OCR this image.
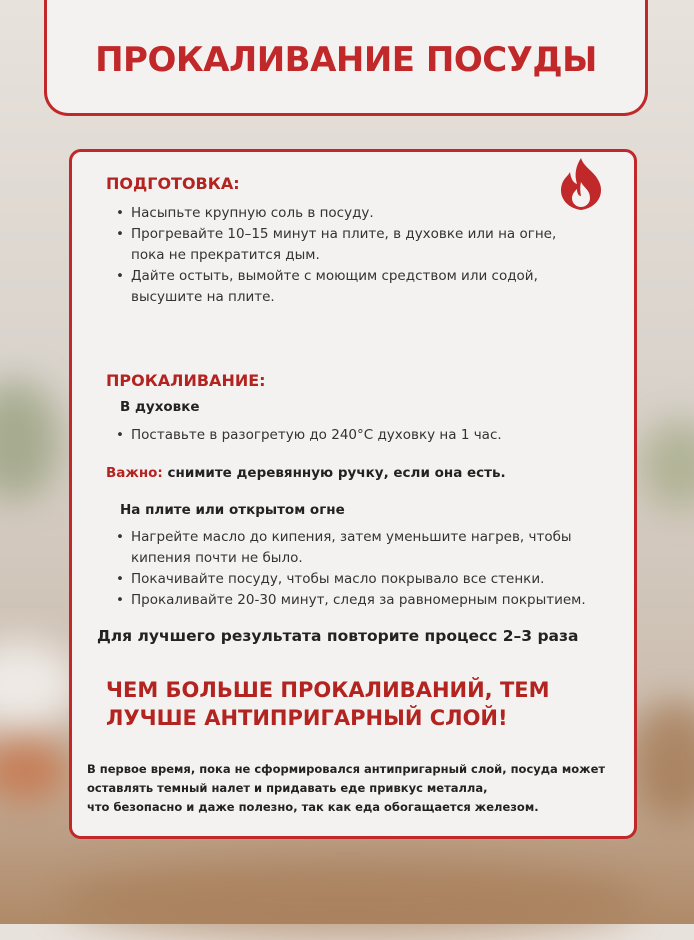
ПРОКАЛИВАНИЕ ПОСУДЫ
ПОДГОТОВКА:
• Насыпьте крупную соль в посуду.
• Прогревайте 10–15 минут на плите, в духовке или на огне,
пока не прекратится дым.
• Дайте остыть, вымойте с моющим средством или содой,
высушите на плите.
ПРОКАЛИВАНИЕ:
В духовке
• Поставьте в разогретую до 240°C духовку на 1 час.
Важно: снимите деревянную ручку, если она есть.
На плите или открытом огне
• Нагрейте масло до кипения, затем уменьшите нагрев, чтобы
кипения почти не было.
• Покачивайте посуду, чтобы масло покрывало все стенки.
• Прокаливайте 20-30 минут, следя за равномерным покрытием.
Для лучшего результата повторите процесс 2–3 раза
ЧЕМ БОЛЬШЕ ПРОКАЛИВАНИЙ, ТЕМ
ЛУЧШЕ АНТИПРИГАРНЫЙ СЛОЙ!
В первое время, пока не сформировался антипригарный слой, посуда может
оставлять темный налет и придавать еде привкус металла,
что безопасно и даже полезно, так как еда обогащается железом.
